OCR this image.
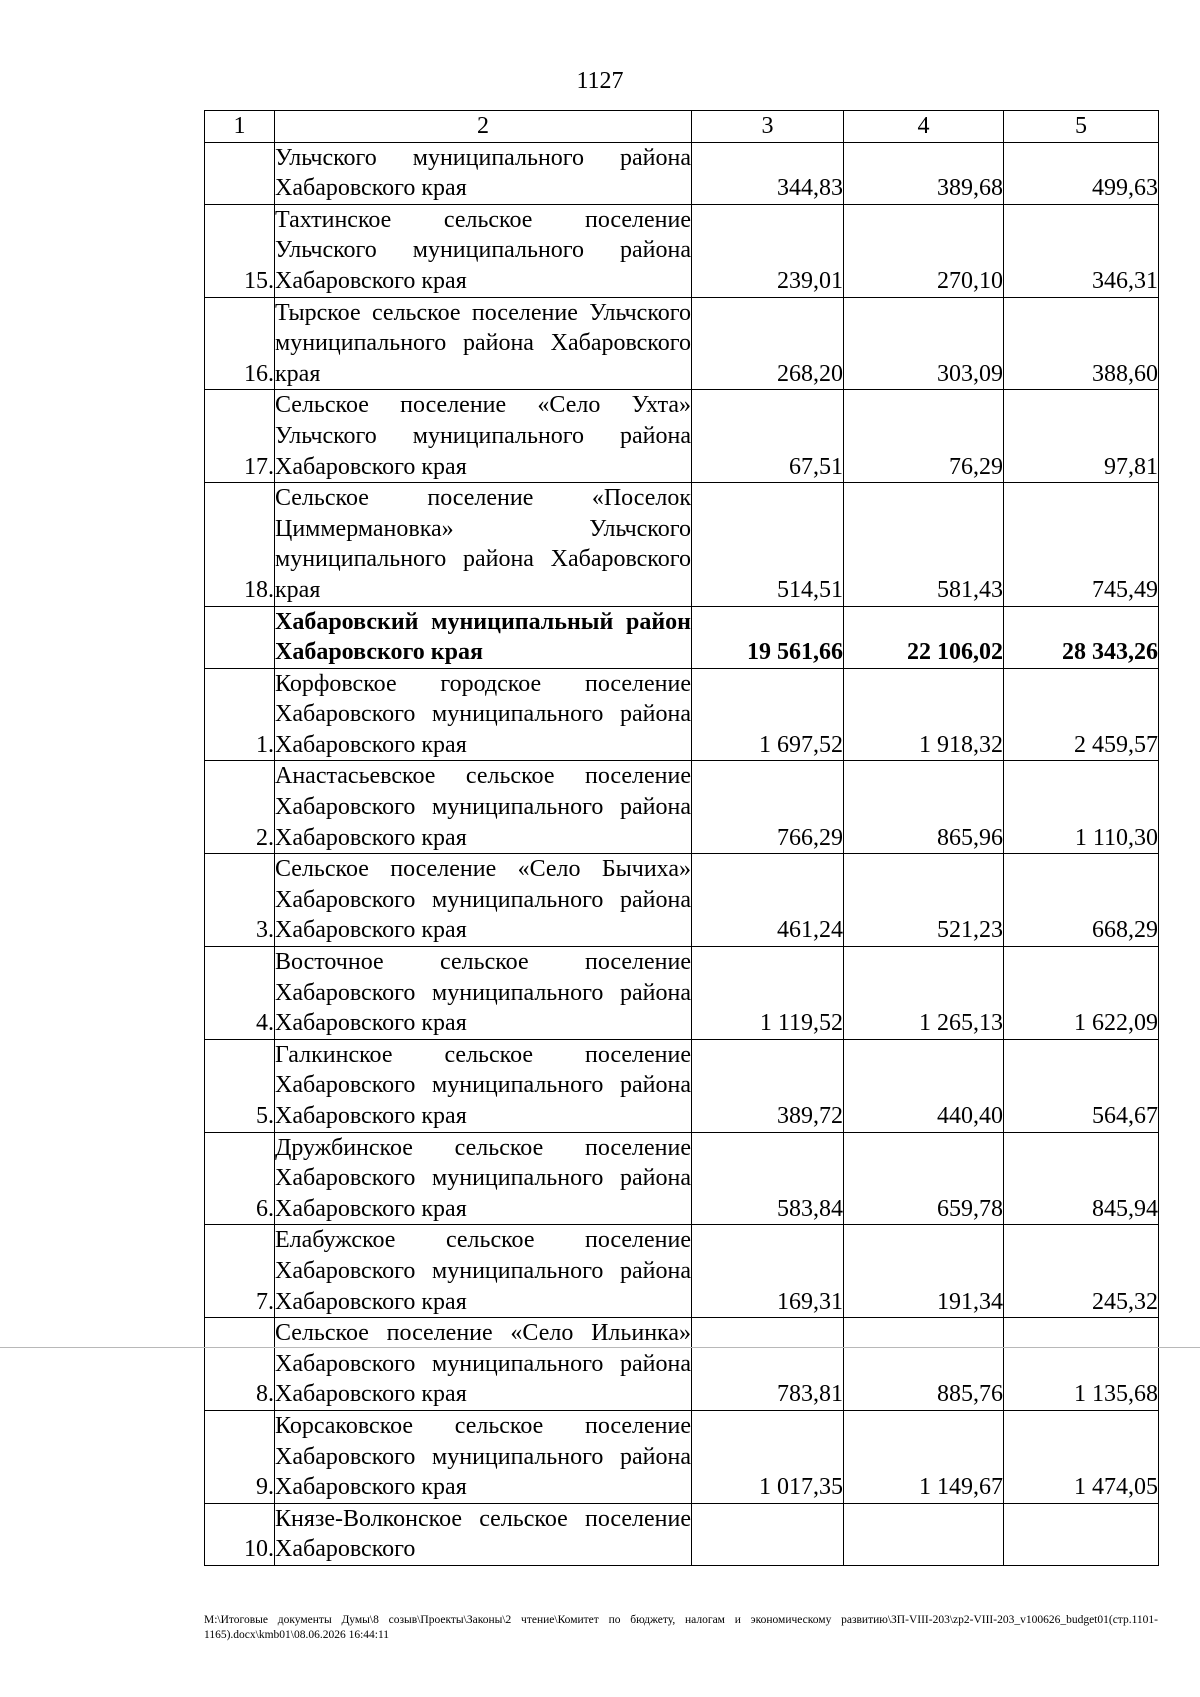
1127
1	2	3	4	5
	Ульчского муниципального района Хабаровского края	344,83	389,68	499,63
15.	Тахтинское сельское поселение Ульчского муниципального района Хабаровского края	239,01	270,10	346,31
16.	Тырское сельское поселение Ульчского муниципального района Хабаровского края	268,20	303,09	388,60
17.	Сельское поселение «Село Ухта» Ульчского муниципального района Хабаровского края	67,51	76,29	97,81
18.	Сельское поселение «Поселок Циммермановка» Ульчского муниципального района Хабаровского края	514,51	581,43	745,49
	Хабаровский муниципальный район Хабаровского края	19 561,66	22 106,02	28 343,26
1.	Корфовское городское поселение Хабаровского муниципального района Хабаровского края	1 697,52	1 918,32	2 459,57
2.	Анастасьевское сельское поселение Хабаровского муниципального района Хабаровского края	766,29	865,96	1 110,30
3.	Сельское поселение «Село Бычиха» Хабаровского муниципального района Хабаровского края	461,24	521,23	668,29
4.	Восточное сельское поселение Хабаровского муниципального района Хабаровского края	1 119,52	1 265,13	1 622,09
5.	Галкинское сельское поселение Хабаровского муниципального района Хабаровского края	389,72	440,40	564,67
6.	Дружбинское сельское поселение Хабаровского муниципального района Хабаровского края	583,84	659,78	845,94
7.	Елабужское сельское поселение Хабаровского муниципального района Хабаровского края	169,31	191,34	245,32
8.	Сельское поселение «Село Ильинка» Хабаровского муниципального района Хабаровского края	783,81	885,76	1 135,68
9.	Корсаковское сельское поселение Хабаровского муниципального района Хабаровского края	1 017,35	1 149,67	1 474,05
10.	Князе-Волконское сельское поселение Хабаровского			
M:\Итоговые документы Думы\8 созыв\Проекты\Законы\2 чтение\Комитет по бюджету, налогам и экономическому развитию\ЗП-VIII-203\zp2-VIII-203_v100626_budget01(стр.1101-1165).docx\kmb01\08.06.2026 16:44:11
